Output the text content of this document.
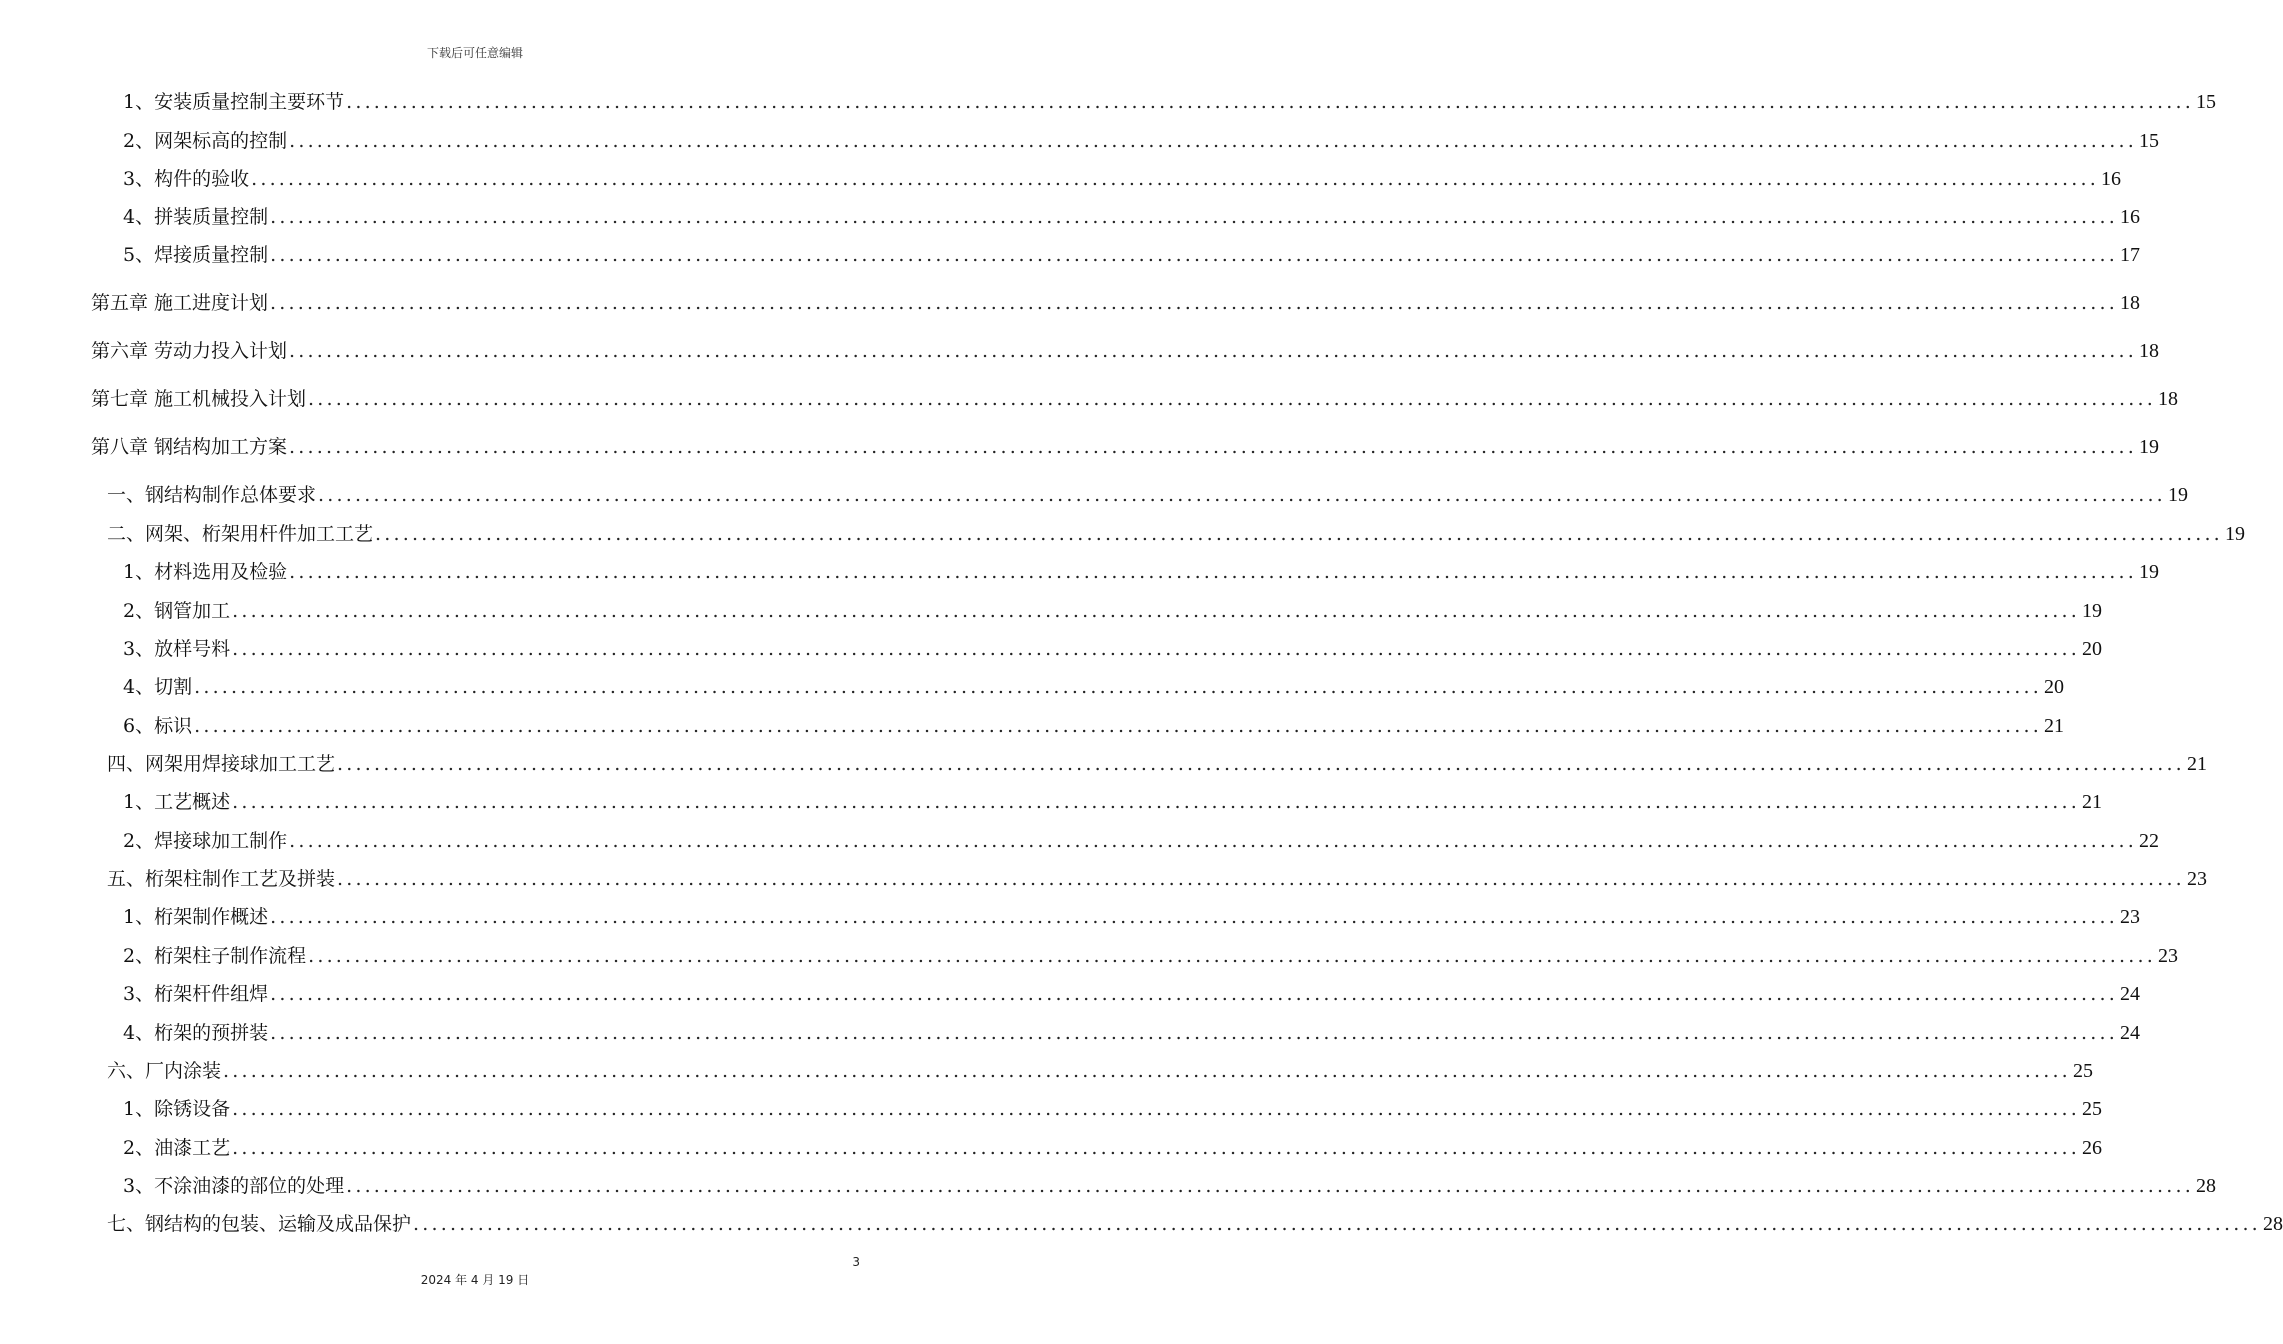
下载后可任意编辑
1、安装质量控制主要环节 ........................................................................................................................................................................................................ 15
2、网架标高的控制 ........................................................................................................................................................................................................ 15
3、构件的验收 ........................................................................................................................................................................................................ 16
4、拼装质量控制 ........................................................................................................................................................................................................ 16
5、焊接质量控制 ........................................................................................................................................................................................................ 17
第五章 施工进度计划 ........................................................................................................................................................................................................ 18
第六章 劳动力投入计划 ........................................................................................................................................................................................................ 18
第七章 施工机械投入计划 ........................................................................................................................................................................................................ 18
第八章 钢结构加工方案 ........................................................................................................................................................................................................ 19
一、钢结构制作总体要求 ........................................................................................................................................................................................................ 19
二、网架、桁架用杆件加工工艺 ........................................................................................................................................................................................................ 19
1、材料选用及检验 ........................................................................................................................................................................................................ 19
2、钢管加工 ........................................................................................................................................................................................................ 19
3、放样号料 ........................................................................................................................................................................................................ 20
4、切割 ........................................................................................................................................................................................................ 20
6、标识 ........................................................................................................................................................................................................ 21
四、网架用焊接球加工工艺 ........................................................................................................................................................................................................ 21
1、工艺概述 ........................................................................................................................................................................................................ 21
2、焊接球加工制作 ........................................................................................................................................................................................................ 22
五、桁架柱制作工艺及拼装 ........................................................................................................................................................................................................ 23
1、桁架制作概述 ........................................................................................................................................................................................................ 23
2、桁架柱子制作流程 ........................................................................................................................................................................................................ 23
3、桁架杆件组焊 ........................................................................................................................................................................................................ 24
4、桁架的预拼装 ........................................................................................................................................................................................................ 24
六、厂内涂装 ........................................................................................................................................................................................................ 25
1、除锈设备 ........................................................................................................................................................................................................ 25
2、油漆工艺 ........................................................................................................................................................................................................ 26
3、不涂油漆的部位的处理 ........................................................................................................................................................................................................ 28
七、钢结构的包装、运输及成品保护 ........................................................................................................................................................................................................ 28
3
2024 年 4 月 19 日
